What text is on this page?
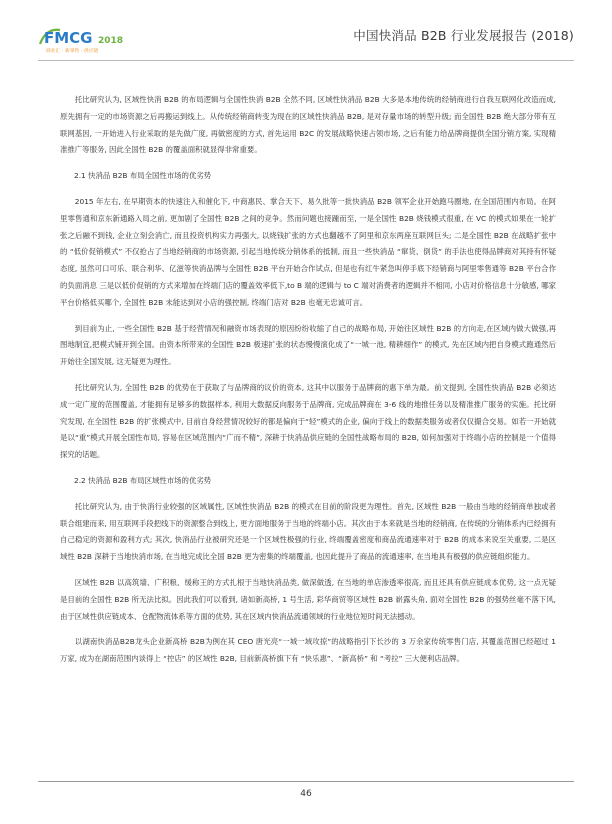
FMCG 2018
商业汇 · 新零售 · 供应链
中国快消品 B2B 行业发展报告 (2018)

托比研究认为, 区域性快消 B2B 的布局逻辑与全国性快消 B2B 全然不同, 区域性快消品 B2B 大多是本地传统的经销商进行自我互联网化改造而成, 原先拥有一定的市场资源之后再搬运到线上。从传统经销商转变为现在的区域性快消品 B2B, 是对存量市场的转型升级; 而全国性 B2B 绝大部分带有互联网基因, 一开始进入行业采取的是先做广度, 再做密度的方式, 首先运用 B2C 的发展战略快速占领市场, 之后有能力给品牌商提供全国分销方案, 实现精准推广等服务, 因此全国性 B2B 的覆盖面积就显得非常重要。

2.1 快消品 B2B 布局全国性市场的优劣势

2015 年左右, 在早期资本的快速注入和催化下, 中商惠民、掌合天下、易久批等一批快消品 B2B 领军企业开始跑马圈地, 在全国范围内布局。在阿里零售通和京东新通路入局之前, 更加剧了全国性 B2B 之间的竞争。然而问题也接踵而至, 一是全国性 B2B 烧钱模式很重, 在 VC 的模式如果在一轮扩张之后融不到钱, 企业立刻会消亡, 而且投资机构实力再强大, 以烧钱扩张的方式也翻越不了阿里和京东两座互联网巨头; 二是全国性 B2B 在战略扩张中的 “低价促销模式” 不仅抢占了当地经销商的市场资源, 引起当地传统分销体系的抵制, 而且一些快消品 “窜货、倒货” 的手法也使得品牌商对其持有怀疑态度, 虽然可口可乐、联合利华、亿滋等快消品牌与全国性 B2B 平台开始合作试点, 但是也有红牛紧急叫停手底下经销商与阿里零售通等 B2B 平台合作的负面消息 三是以低价促销的方式来增加在终端门店的覆盖效率低下,to B 端的逻辑与 to C 端对消费者的逻辑并不相同, 小店对价格信息十分敏感, 哪家平台价格低买哪个, 全国性 B2B 未能达到对小店的强控制, 终端门店对 B2B 也毫无忠诚可言。

到目前为止, 一些全国性 B2B 基于经营情况和融资市场表现的原因纷纷收缩了自己的战略布局, 开始往区域性 B2B 的方向走,在区域内做大做强,再图地制宜,把模式铺开到全国。由资本所带来的全国性 B2B 极速扩张的状态慢慢演化成了“一城一池, 精耕细作” 的模式, 先在区域内把自身模式跑通然后开始往全国发展, 这无疑更为理性。

托比研究认为, 全国性 B2B 的优势在于获取了与品牌商的议价的资本, 这其中以服务于品牌商的惠下单为最。前文提到, 全国性快消品 B2B 必须达成一定广度的范围覆盖, 才能拥有足够多的数据样本, 利用大数据反向服务于品牌商, 完成品牌商在 3-6 线的地推任务以及精准推广服务的实施。托比研究发现, 在全国性 B2B 的扩张模式中, 目前自身经营情况较好的都是偏向于“轻”模式的企业, 偏向于线上的数据类服务或者仅仅撮合交易。如若一开始就是以“重”模式开展全国性布局, 容易在区域范围内“广而不精”, 深耕于快消品供应链的全国性战略布局的 B2B, 如何加强对于终端小店的控制是一个值得探究的话题。

2.2 快消品 B2B 布局区域性市场的优劣势

托比研究认为, 由于快消行业较强的区域属性, 区域性快消品 B2B 的模式在目前的阶段更为理性。首先, 区域性 B2B 一般由当地的经销商单独或者联合组建而来, 用互联网手段把线下的资源整合到线上, 更方面地服务于当地的终端小店。其次由于本来就是当地的经销商, 在传统的分销体系内已经拥有自己稳定的资源和盈利方式; 其次, 快消品行业被研究还是一个区域性极强的行业, 终端覆盖密度和商品流通速率对于 B2B 的成本来说至关重要, 二是区域性 B2B 深耕于当地快消市场, 在当地完成比全国 B2B 更为密集的终端覆盖, 也因此提升了商品的流通速率, 在当地具有极强的供应链组织能力。

区域性 B2B 以高筑墙、广积粮、缓称王的方式扎根于当地快消品类, 做深做透, 在当地的单店渗透率很高, 而且还具有供应链成本优势, 这一点无疑是目前的全国性 B2B 所无法比拟。因此我们可以看到, 诸如新高桥, 1 号生活, 彩华商贸等区域性 B2B 崭露头角, 面对全国性 B2B 的强势丝毫不落下风, 由于区域性供应链成本、仓配物流体系等方面的优势, 其在区域内快消品流通领域的行业地位短时间无法撼动。

以湖南快消品B2B龙头企业新高桥 B2B为例在其 CEO 唐光亮“一城一域攻掠”的战略指引下长沙的 3 万余家传统零售门店, 其覆盖范围已经超过 1 万家, 成为在湖南范围内谈得上 “控店” 的区域性 B2B, 目前新高桥旗下有 “快乐惠”、“新高桥” 和 “考拉” 三大便利店品牌。

46
